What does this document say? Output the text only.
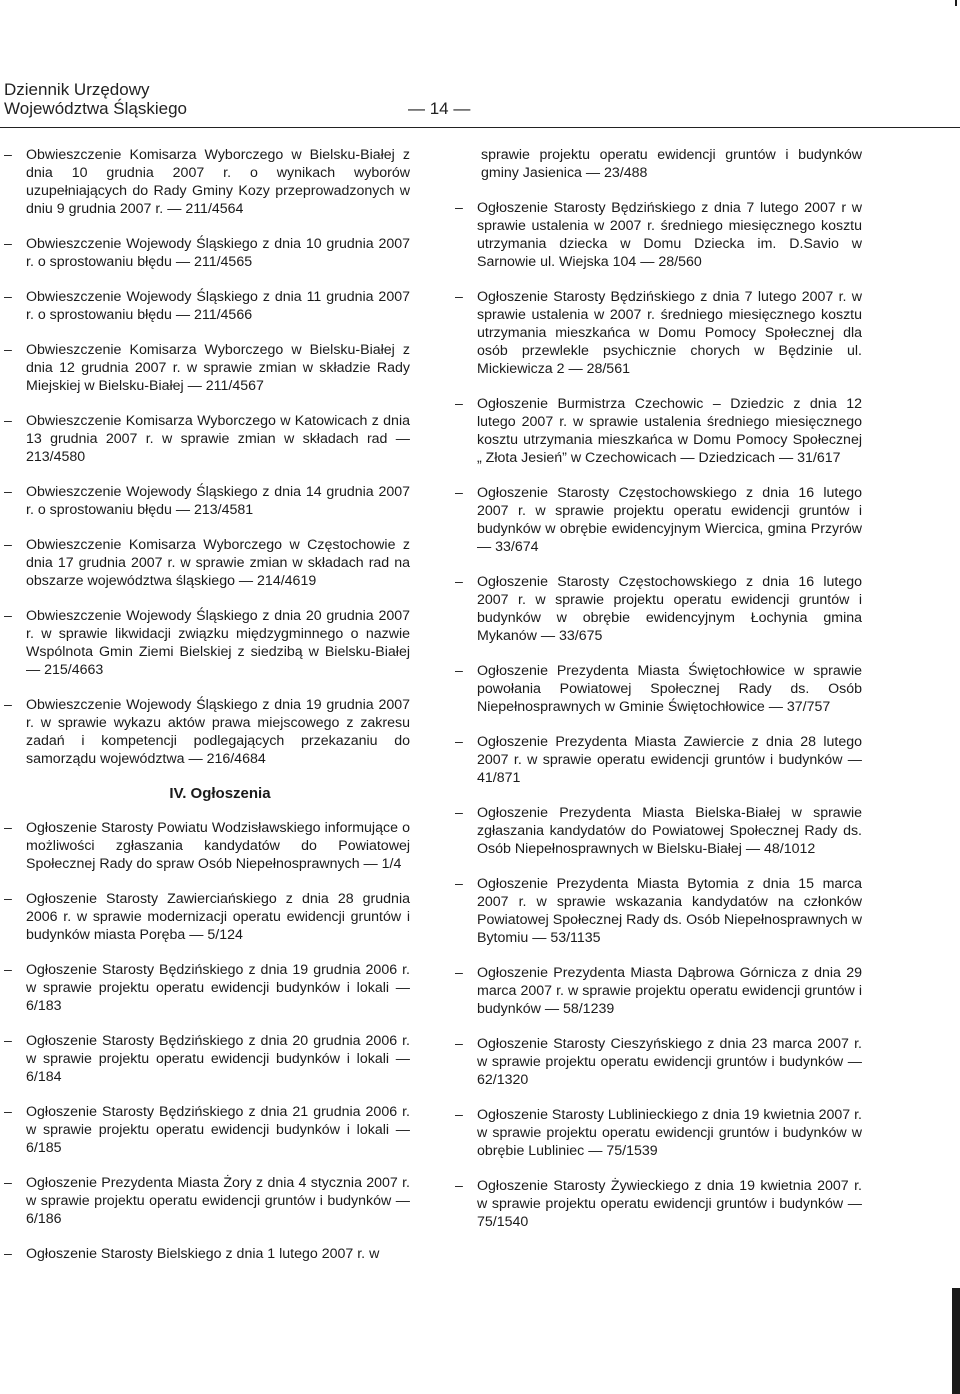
Dziennik Urzędowy
Województwa Śląskiego	— 14 —
– Obwieszczenie Komisarza Wyborczego w Bielsku-Białej z dnia 10 grudnia 2007 r. o wynikach wyborów uzupełniających do Rady Gminy Kozy przeprowadzonych w dniu 9 grudnia 2007 r. — 211/4564
– Obwieszczenie Wojewody Śląskiego z dnia 10 grudnia 2007 r. o sprostowaniu błędu — 211/4565
– Obwieszczenie Wojewody Śląskiego z dnia 11 grudnia 2007 r. o sprostowaniu błędu — 211/4566
– Obwieszczenie Komisarza Wyborczego w Bielsku-Białej z dnia 12 grudnia 2007 r. w sprawie zmian w składzie Rady Miejskiej w Bielsku-Białej — 211/4567
– Obwieszczenie Komisarza Wyborczego w Katowicach z dnia 13 grudnia 2007 r. w sprawie zmian w składach rad — 213/4580
– Obwieszczenie Wojewody Śląskiego z dnia 14 grudnia 2007 r. o sprostowaniu błędu — 213/4581
– Obwieszczenie Komisarza Wyborczego w Częstochowie z dnia 17 grudnia 2007 r. w sprawie zmian w składach rad na obszarze województwa śląskiego — 214/4619
– Obwieszczenie Wojewody Śląskiego z dnia 20 grudnia 2007 r. w sprawie likwidacji związku międzygminnego o nazwie Wspólnota Gmin Ziemi Bielskiej z siedzibą w Bielsku-Białej — 215/4663
– Obwieszczenie Wojewody Śląskiego z dnia 19 grudnia 2007 r. w sprawie wykazu aktów prawa miejscowego z zakresu zadań i kompetencji podlegających przekazaniu do samorządu województwa — 216/4684
IV. Ogłoszenia
– Ogłoszenie Starosty Powiatu Wodzisławskiego informujące o możliwości zgłaszania kandydatów do Powiatowej Społecznej Rady do spraw Osób Niepełnosprawnych — 1/4
– Ogłoszenie Starosty Zawierciańskiego z dnia 28 grudnia 2006 r. w sprawie modernizacji operatu ewidencji gruntów i budynków miasta Poręba — 5/124
– Ogłoszenie Starosty Będzińskiego z dnia 19 grudnia 2006 r. w sprawie projektu operatu ewidencji budynków i lokali — 6/183
– Ogłoszenie Starosty Będzińskiego z dnia 20 grudnia 2006 r. w sprawie projektu operatu ewidencji budynków i lokali — 6/184
– Ogłoszenie Starosty Będzińskiego z dnia 21 grudnia 2006 r. w sprawie projektu operatu ewidencji budynków i lokali — 6/185
– Ogłoszenie Prezydenta Miasta Żory z dnia 4 stycznia 2007 r. w sprawie projektu operatu ewidencji gruntów i budynków — 6/186
– Ogłoszenie Starosty Bielskiego z dnia 1 lutego 2007 r. w
sprawie projektu operatu ewidencji gruntów i budynków gminy Jasienica — 23/488
– Ogłoszenie Starosty Będzińskiego z dnia 7 lutego 2007 r w sprawie ustalenia w 2007 r. średniego miesięcznego kosztu utrzymania dziecka w Domu Dziecka im. D.Savio w Sarnowie ul. Wiejska 104 — 28/560
– Ogłoszenie Starosty Będzińskiego z dnia 7 lutego 2007 r. w sprawie ustalenia w 2007 r. średniego miesięcznego kosztu utrzymania mieszkańca w Domu Pomocy Społecznej dla osób przewlekle psychicznie chorych w Będzinie ul. Mickiewicza 2 — 28/561
– Ogłoszenie Burmistrza Czechowic – Dziedzic z dnia 12 lutego 2007 r. w sprawie ustalenia średniego miesięcznego kosztu utrzymania mieszkańca w Domu Pomocy Społecznej „ Złota Jesień” w Czechowicach — Dziedzicach — 31/617
– Ogłoszenie Starosty Częstochowskiego z dnia 16 lutego 2007 r. w sprawie projektu operatu ewidencji gruntów i budynków w obrębie ewidencyjnym Wiercica, gmina Przyrów — 33/674
– Ogłoszenie Starosty Częstochowskiego z dnia 16 lutego 2007 r. w sprawie projektu operatu ewidencji gruntów i budynków w obrębie ewidencyjnym Łochynia gmina Mykanów — 33/675
– Ogłoszenie Prezydenta Miasta Świętochłowice w sprawie powołania Powiatowej Społecznej Rady ds. Osób Niepełnosprawnych w Gminie Świętochłowice — 37/757
– Ogłoszenie Prezydenta Miasta Zawiercie z dnia 28 lutego 2007 r. w sprawie operatu ewidencji gruntów i budynków — 41/871
– Ogłoszenie Prezydenta Miasta Bielska-Białej w sprawie zgłaszania kandydatów do Powiatowej Społecznej Rady ds. Osób Niepełnosprawnych w Bielsku-Białej — 48/1012
– Ogłoszenie Prezydenta Miasta Bytomia z dnia 15 marca 2007 r. w sprawie wskazania kandydatów na członków Powiatowej Społecznej Rady ds. Osób Niepełnosprawnych w Bytomiu — 53/1135
– Ogłoszenie Prezydenta Miasta Dąbrowa Górnicza z dnia 29 marca 2007 r. w sprawie projektu operatu ewidencji gruntów i budynków — 58/1239
– Ogłoszenie Starosty Cieszyńskiego z dnia 23 marca 2007 r. w sprawie projektu operatu ewidencji gruntów i budynków — 62/1320
– Ogłoszenie Starosty Lublinieckiego z dnia 19 kwietnia 2007 r. w sprawie projektu operatu ewidencji gruntów i budynków w obrębie Lubliniec — 75/1539
– Ogłoszenie Starosty Żywieckiego z dnia 19 kwietnia 2007 r. w sprawie projektu operatu ewidencji gruntów i budynków — 75/1540
